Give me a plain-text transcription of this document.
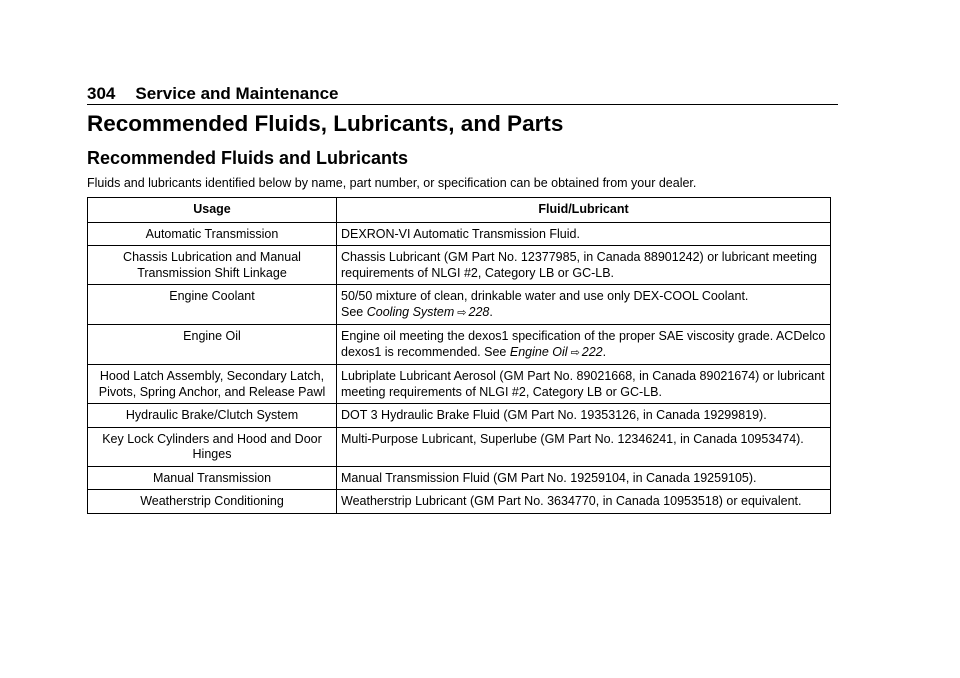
304 Service and Maintenance
Recommended Fluids, Lubricants, and Parts
Recommended Fluids and Lubricants

Fluids and lubricants identified below by name, part number, or specification can be obtained from your dealer.

Usage	Fluid/Lubricant
Automatic Transmission	DEXRON-VI Automatic Transmission Fluid.
Chassis Lubrication and Manual Transmission Shift Linkage	Chassis Lubricant (GM Part No. 12377985, in Canada 88901242) or lubricant meeting requirements of NLGI #2, Category LB or GC-LB.
Engine Coolant	50/50 mixture of clean, drinkable water and use only DEX-COOL Coolant.
See Cooling System ⇨ 228.
Engine Oil	Engine oil meeting the dexos1 specification of the proper SAE viscosity grade. ACDelco dexos1 is recommended. See Engine Oil ⇨ 222.
Hood Latch Assembly, Secondary Latch, Pivots, Spring Anchor, and Release Pawl	Lubriplate Lubricant Aerosol (GM Part No. 89021668, in Canada 89021674) or lubricant meeting requirements of NLGI #2, Category LB or GC-LB.
Hydraulic Brake/Clutch System	DOT 3 Hydraulic Brake Fluid (GM Part No. 19353126, in Canada 19299819).
Key Lock Cylinders and Hood and Door Hinges	Multi-Purpose Lubricant, Superlube (GM Part No. 12346241, in Canada 10953474).
Manual Transmission	Manual Transmission Fluid (GM Part No. 19259104, in Canada 19259105).
Weatherstrip Conditioning	Weatherstrip Lubricant (GM Part No. 3634770, in Canada 10953518) or equivalent.
